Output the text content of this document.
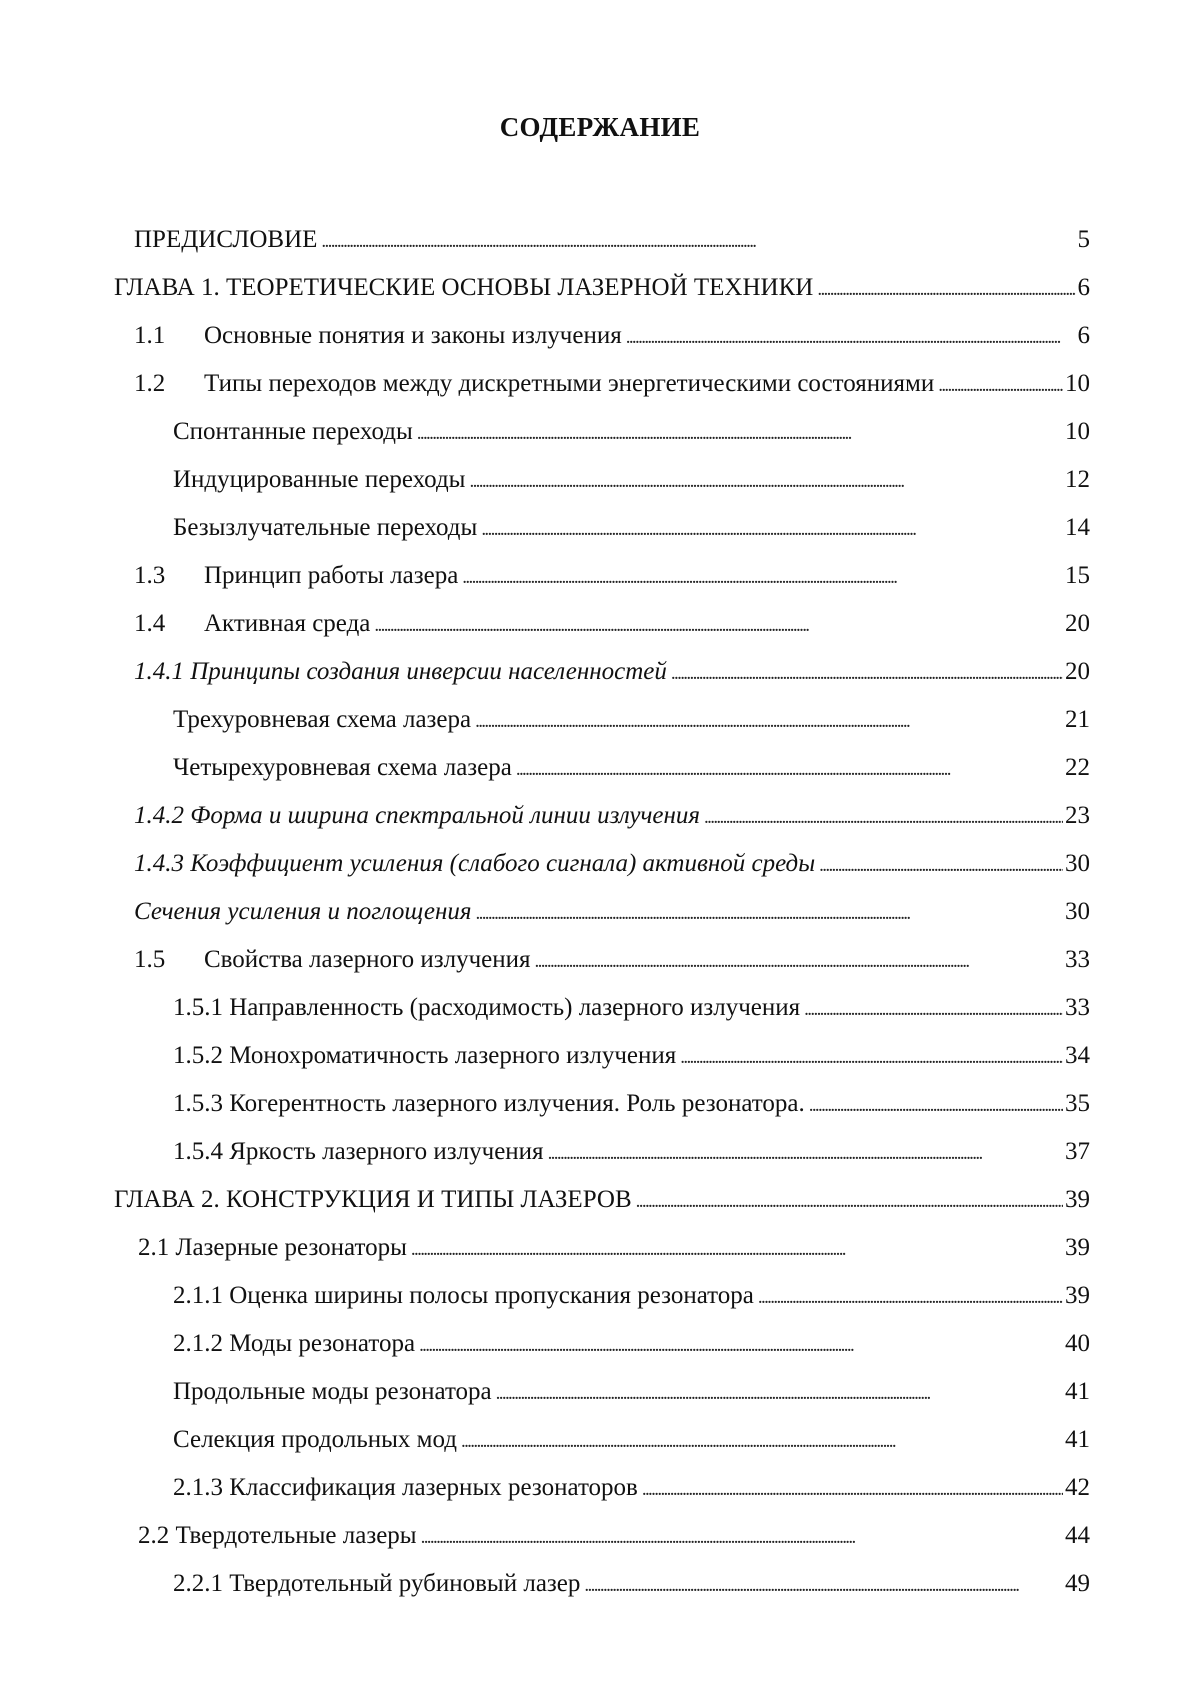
СОДЕРЖАНИЕ
ПРЕДИСЛОВИЕ . . .	5
ГЛАВА 1. ТЕОРЕТИЧЕСКИЕ ОСНОВЫ ЛАЗЕРНОЙ ТЕХНИКИ . . .	6
1.1	Основные понятия и законы излучения . . .	6
1.2	Типы переходов между дискретными энергетическими состояниями . . .	10
Спонтанные переходы . . .	10
Индуцированные переходы . . .	12
Безызлучательные переходы . . .	14
1.3	Принцип работы лазера . . .	15
1.4	Активная среда . . .	20
1.4.1 Принципы создания инверсии населенностей . . .	20
Трехуровневая схема лазера . . .	21
Четырехуровневая схема лазера . . .	22
1.4.2 Форма и ширина спектральной линии излучения . . .	23
1.4.3 Коэффициент усиления (слабого сигнала) активной среды . . .	30
Сечения усиления и поглощения . . .	30
1.5	Свойства лазерного излучения . . .	33
1.5.1 Направленность (расходимость) лазерного излучения . . .	33
1.5.2 Монохроматичность лазерного излучения . . .	34
1.5.3 Когерентность лазерного излучения. Роль резонатора. . . .	35
1.5.4 Яркость лазерного излучения . . .	37
ГЛАВА 2. КОНСТРУКЦИЯ И ТИПЫ ЛАЗЕРОВ . . .	39
2.1 Лазерные резонаторы . . .	39
2.1.1 Оценка ширины полосы пропускания резонатора . . .	39
2.1.2 Моды резонатора . . .	40
Продольные моды резонатора . . .	41
Селекция продольных мод . . .	41
2.1.3 Классификация лазерных резонаторов . . .	42
2.2 Твердотельные лазеры . . .	44
2.2.1 Твердотельный рубиновый лазер . . .	49
